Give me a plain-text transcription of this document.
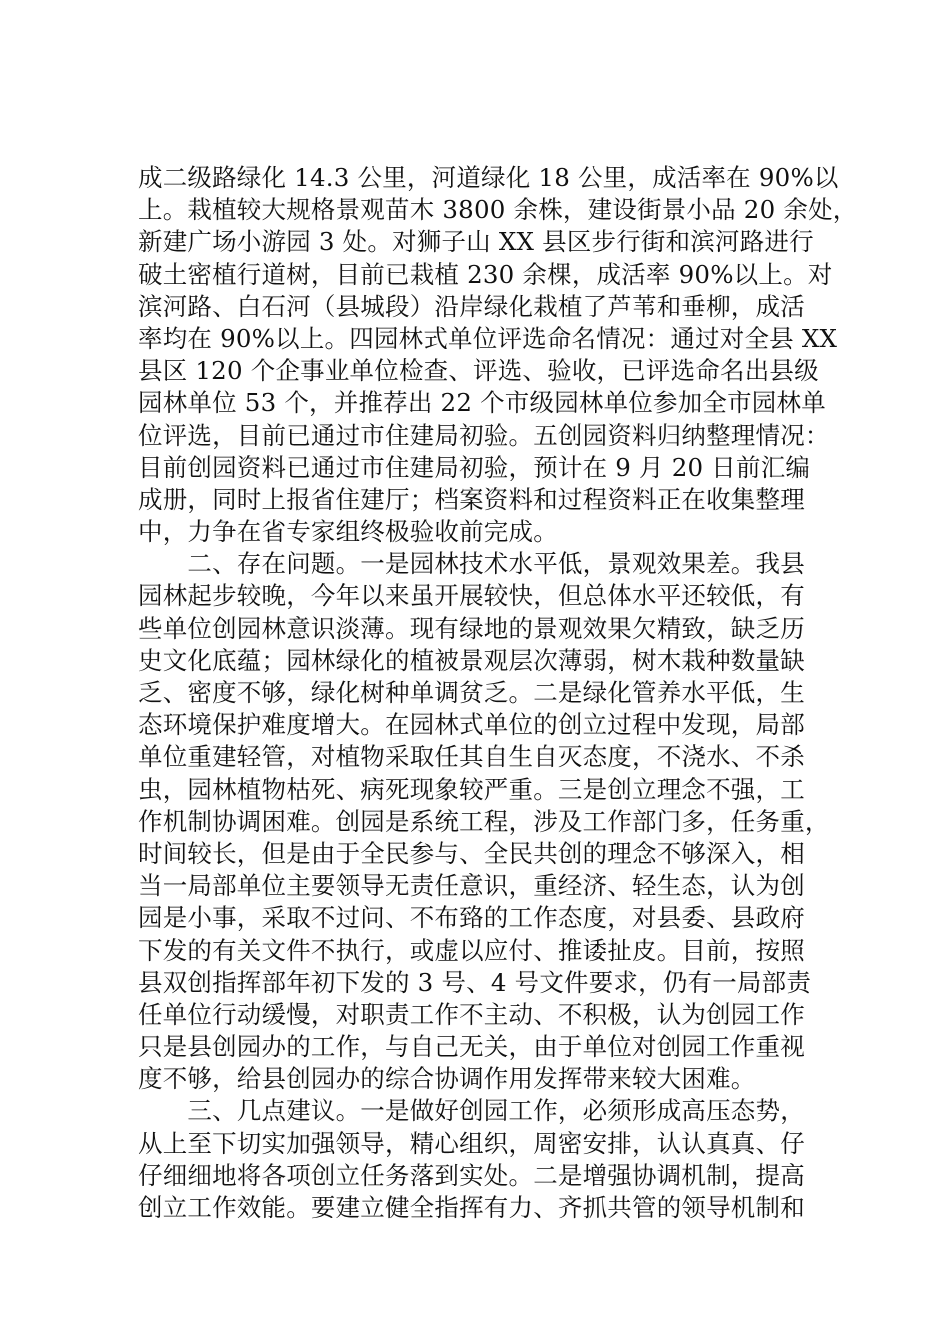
成二级路绿化 14.3 公里，河道绿化 18 公里，成活率在 90%以
上。栽植较大规格景观苗木 3800 余株，建设街景小品 20 余处，
新建广场小游园 3 处。对狮子山 XX 县区步行街和滨河路进行
破土密植行道树，目前已栽植 230 余棵，成活率 90%以上。对
滨河路、白石河（县城段）沿岸绿化栽植了芦苇和垂柳，成活
率均在 90%以上。四园林式单位评选命名情况：通过对全县 XX
县区 120 个企事业单位检查、评选、验收，已评选命名出县级
园林单位 53 个，并推荐出 22 个市级园林单位参加全市园林单
位评选，目前已通过市住建局初验。五创园资料归纳整理情况：
目前创园资料已通过市住建局初验，预计在 9 月 20 日前汇编
成册，同时上报省住建厅；档案资料和过程资料正在收集整理
中，力争在省专家组终极验收前完成。

　　二、存在问题。一是园林技术水平低，景观效果差。我县
园林起步较晚，今年以来虽开展较快，但总体水平还较低，有
些单位创园林意识淡薄。现有绿地的景观效果欠精致，缺乏历
史文化底蕴；园林绿化的植被景观层次薄弱，树木栽种数量缺
乏、密度不够，绿化树种单调贫乏。二是绿化管养水平低，生
态环境保护难度增大。在园林式单位的创立过程中发现，局部
单位重建轻管，对植物采取任其自生自灭态度，不浇水、不杀
虫，园林植物枯死、病死现象较严重。三是创立理念不强，工
作机制协调困难。创园是系统工程，涉及工作部门多，任务重，
时间较长，但是由于全民参与、全民共创的理念不够深入，相
当一局部单位主要领导无责任意识，重经济、轻生态，认为创
园是小事，采取不过问、不布臵的工作态度，对县委、县政府
下发的有关文件不执行，或虚以应付、推诿扯皮。目前，按照
县双创指挥部年初下发的 3 号、4 号文件要求，仍有一局部责
任单位行动缓慢，对职责工作不主动、不积极，认为创园工作
只是县创园办的工作，与自己无关，由于单位对创园工作重视
度不够，给县创园办的综合协调作用发挥带来较大困难。

　　三、几点建议。一是做好创园工作，必须形成高压态势，
从上至下切实加强领导，精心组织，周密安排，认认真真、仔
仔细细地将各项创立任务落到实处。二是增强协调机制，提高
创立工作效能。要建立健全指挥有力、齐抓共管的领导机制和
